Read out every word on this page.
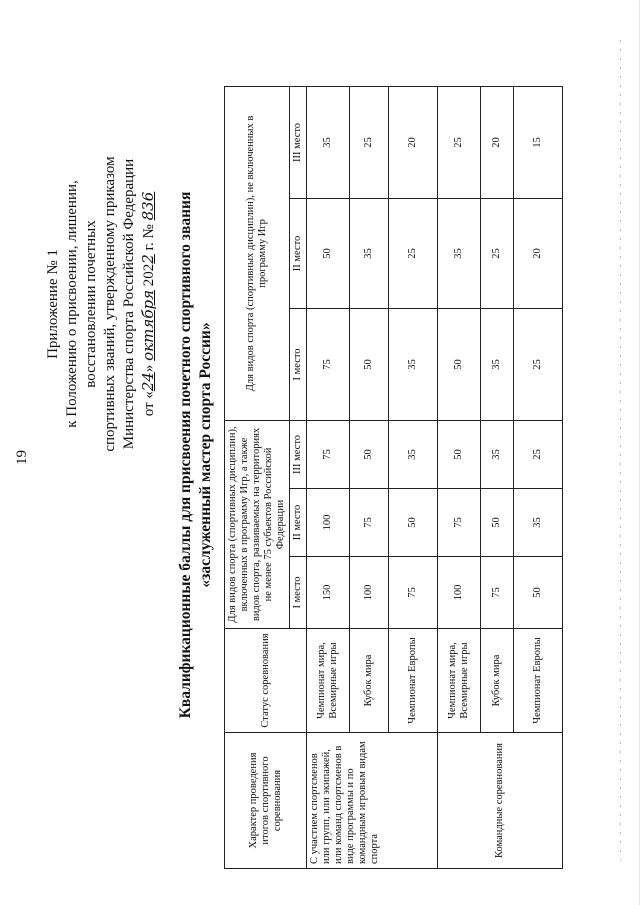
19
Приложение № 1 к Положению о присвоении, лишении, восстановлении почетных спортивных званий, утвержденному приказом Министерства спорта Российской Федерации от «24» октября 2022 г. № 836 Квалификационные баллы для присвоения почетного спортивного звания «заслуженный мастер спорта России»
Характер проведения итогов спортивного соревнования	Статус соревнования	Для видов спорта (спортивных дисциплин), включенных в программу Игр, а также видов спорта, развиваемых на территориях не менее 75 субъектов Российской Федерации			Для видов спорта (спортивных дисциплин), не включенных в программу Игр		
		I место	II место	III место	I место	II место	III место
С участием спортсменов или групп, или экипажей, или команд спортсменов в виде программы и по командным игровым видам спорта	Чемпионат мира, Всемирные игры	150	100	75	75	50	35
	Кубок мира	100	75	50	50	35	25
	Чемпионат Европы	75	50	35	35	25	20
Командные соревнования	Чемпионат мира, Всемирные игры	100	75	50	50	35	25
	Кубок мира	75	50	35	35	25	20
	Чемпионат Европы	50	35	25	25	20	15
